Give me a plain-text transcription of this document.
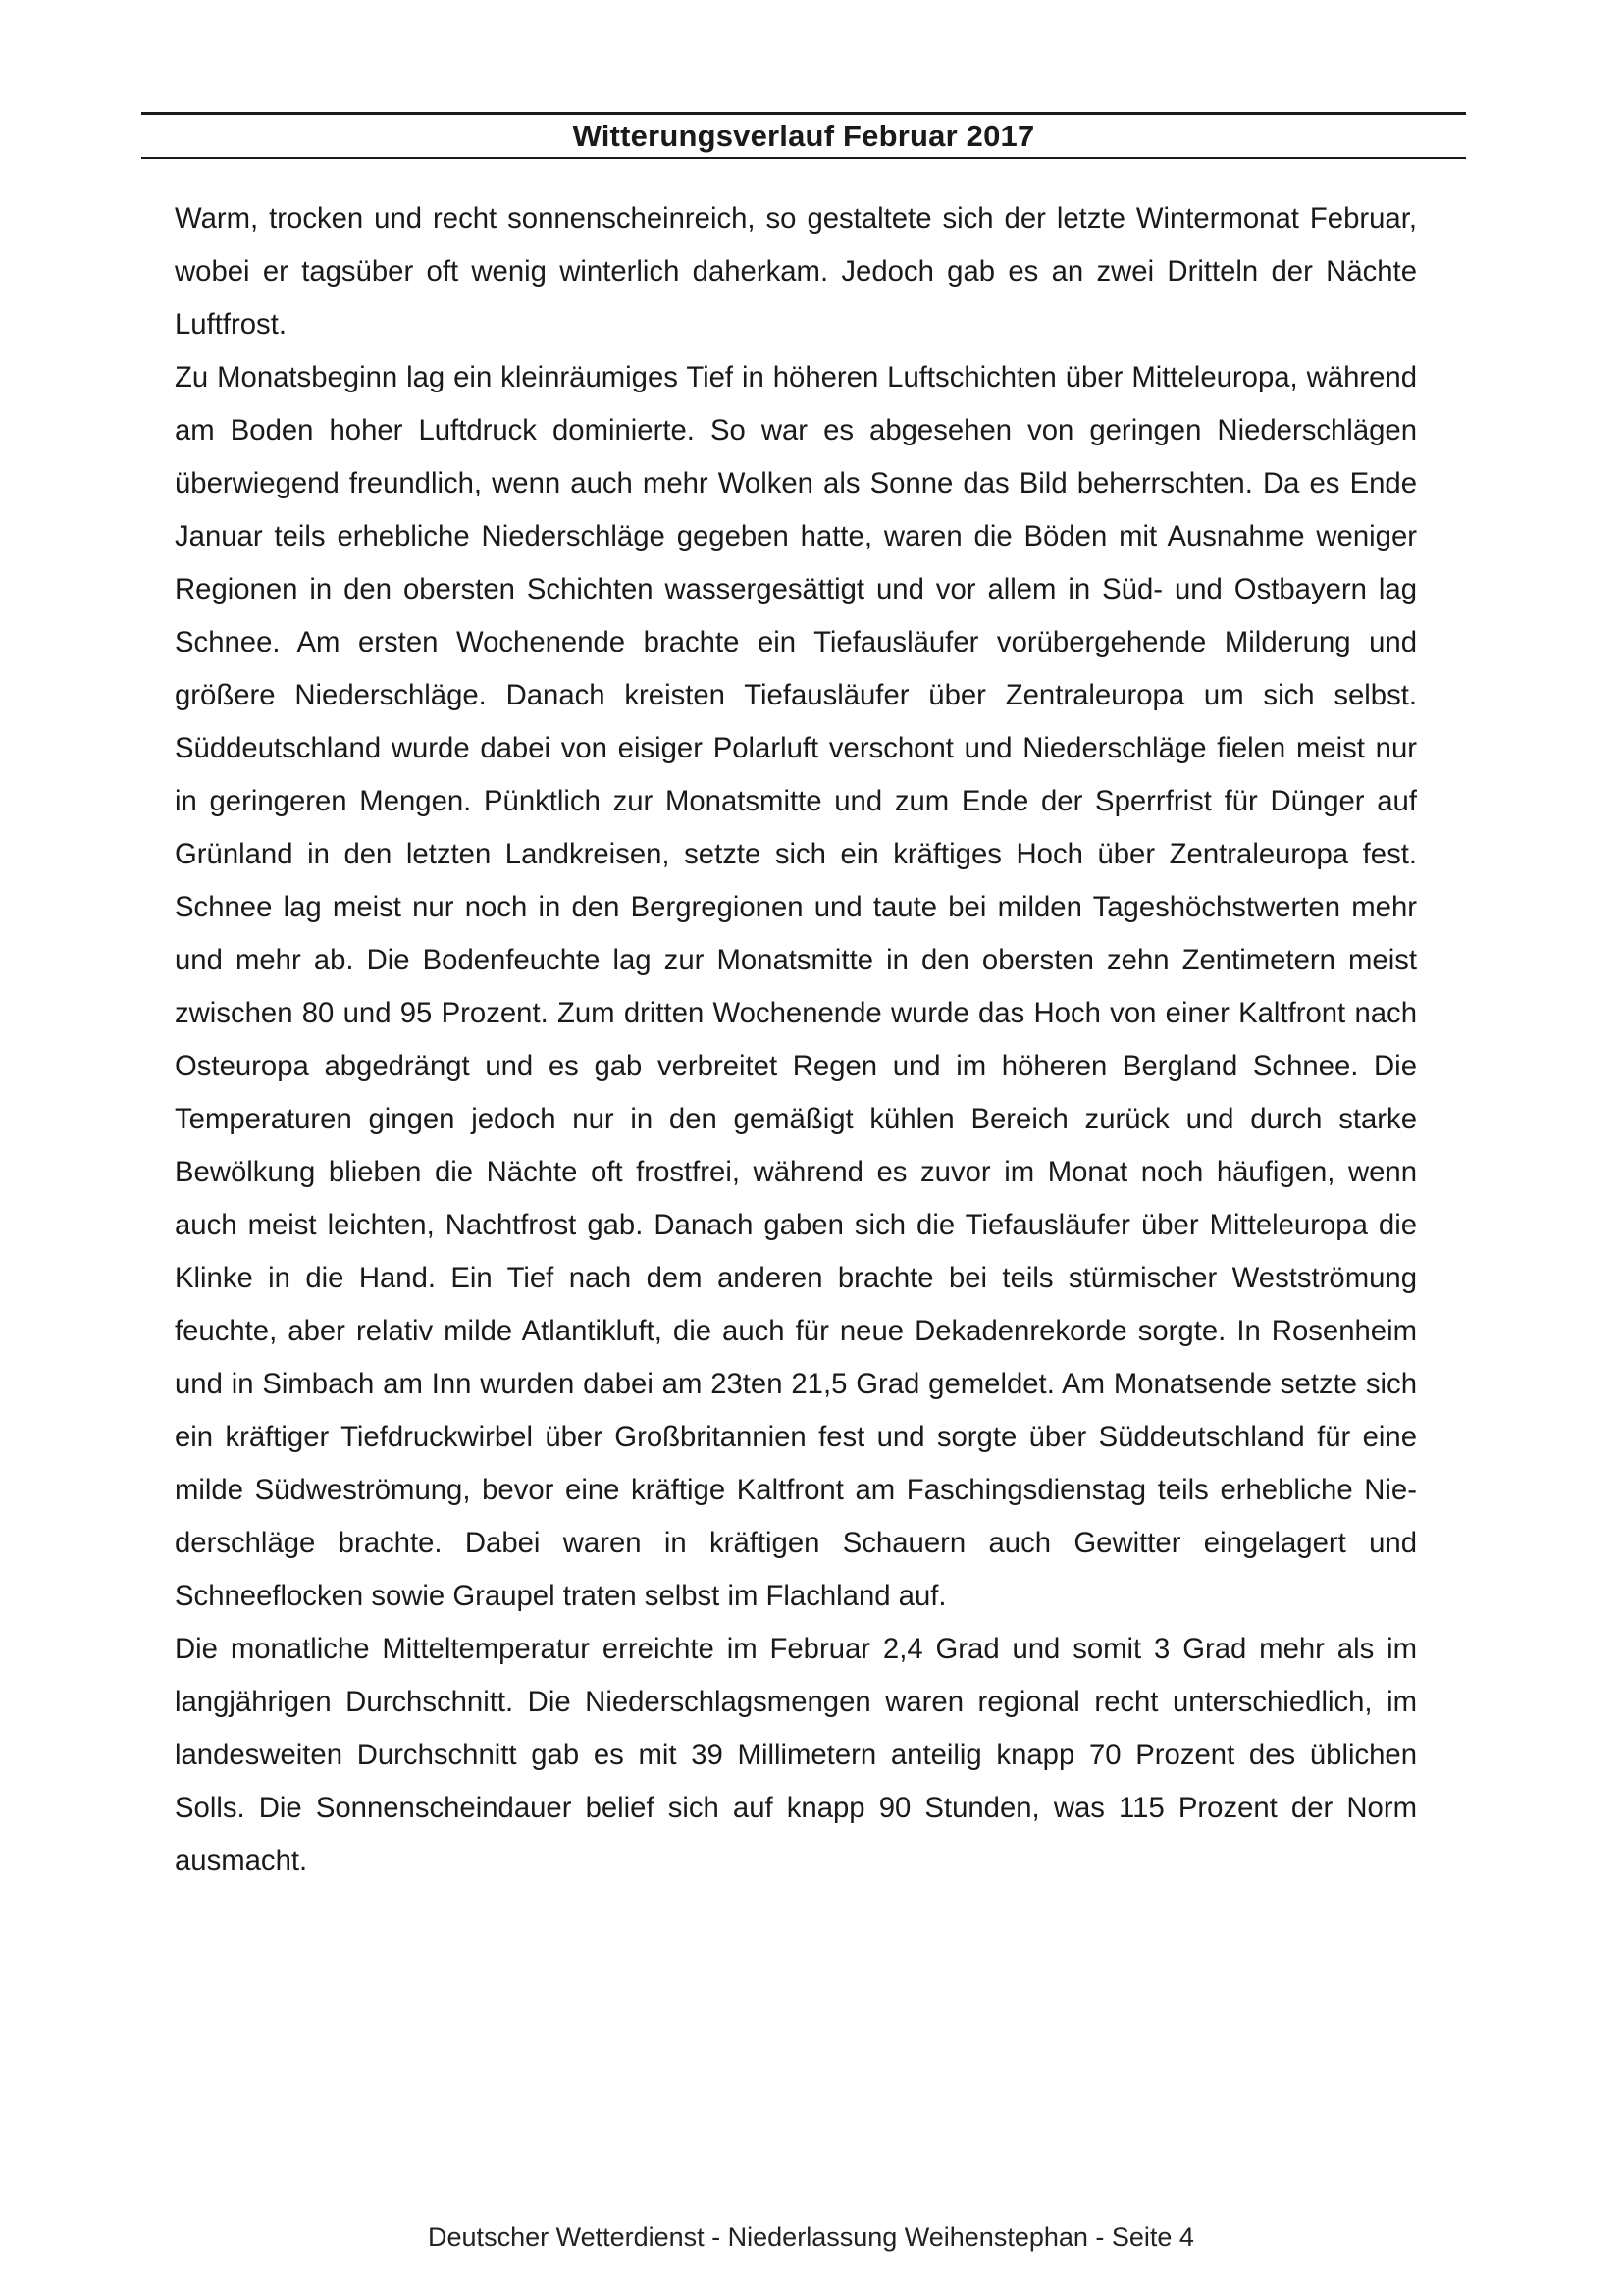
Witterungsverlauf Februar 2017

Warm, trocken und recht sonnenscheinreich, so gestaltete sich der letzte Wintermonat Februar, wobei er tagsüber oft wenig winterlich daherkam. Jedoch gab es an zwei Dritteln der Nächte Luftfrost.

Zu Monatsbeginn lag ein kleinräumiges Tief in höheren Luftschichten über Mitteleuropa, während am Boden hoher Luftdruck dominierte. So war es abgesehen von geringen Niederschlägen überwiegend freundlich, wenn auch mehr Wolken als Sonne das Bild beherrschten. Da es Ende Januar teils erhebliche Niederschläge gegeben hatte, waren die Böden mit Ausnahme weniger Regionen in den obersten Schichten wassergesättigt und vor allem in Süd- und Ostbayern lag Schnee. Am ersten Wochenende brachte ein Tiefausläufer vorübergehende Milderung und größere Niederschläge. Danach kreisten Tiefausläufer über Zentraleuropa um sich selbst. Süddeutschland wurde dabei von eisiger Polarluft verschont und Niederschläge fielen meist nur in geringeren Mengen. Pünktlich zur Monatsmitte und zum Ende der Sperrfrist für Dünger auf Grünland in den letzten Landkreisen, setzte sich ein kräftiges Hoch über Zentraleuropa fest. Schnee lag meist nur noch in den Bergregionen und taute bei milden Tageshöchstwerten mehr und mehr ab. Die Bodenfeuchte lag zur Monatsmitte in den obersten zehn Zentimetern meist zwischen 80 und 95 Prozent. Zum dritten Wochenende wurde das Hoch von einer Kaltfront nach Osteuropa abgedrängt und es gab verbreitet Regen und im höheren Bergland Schnee. Die Temperaturen gingen jedoch nur in den gemäßigt kühlen Bereich zurück und durch starke Bewölkung blieben die Nächte oft frostfrei, während es zuvor im Monat noch häufigen, wenn auch meist leichten, Nachtfrost gab. Danach gaben sich die Tiefausläufer über Mitteleuropa die Klinke in die Hand. Ein Tief nach dem anderen brachte bei teils stürmischer Westströmung feuchte, aber relativ milde Atlantikluft, die auch für neue Dekadenrekorde sorgte. In Rosenheim und in Simbach am Inn wurden dabei am 23ten 21,5 Grad gemeldet. Am Monatsende setzte sich ein kräftiger Tiefdruckwirbel über Großbritannien fest und sorgte über Süddeutschland für eine milde Südweströmung, bevor eine kräftige Kaltfront am Faschingsdienstag teils erhebliche Niederschläge brachte. Dabei waren in kräftigen Schauern auch Gewitter eingelagert und Schneeflocken sowie Graupel traten selbst im Flachland auf.

Die monatliche Mitteltemperatur erreichte im Februar 2,4 Grad und somit 3 Grad mehr als im langjährigen Durchschnitt. Die Niederschlagsmengen waren regional recht unterschiedlich, im landesweiten Durchschnitt gab es mit 39 Millimetern anteilig knapp 70 Prozent des üblichen Solls. Die Sonnenscheindauer belief sich auf knapp 90 Stunden, was 115 Prozent der Norm ausmacht.

Deutscher Wetterdienst - Niederlassung Weihenstephan - Seite 4
